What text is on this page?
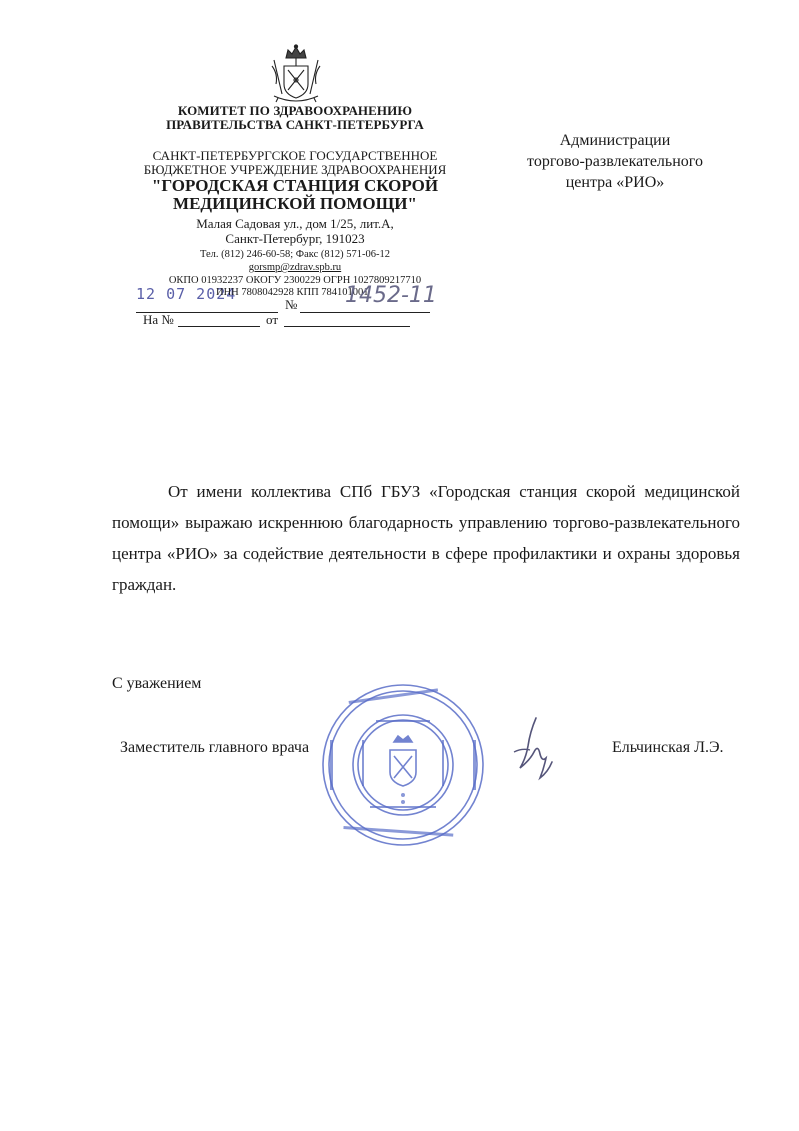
КОМИТЕТ ПО ЗДРАВООХРАНЕНИЮ
ПРАВИТЕЛЬСТВА САНКТ-ПЕТЕРБУРГА
САНКТ-ПЕТЕРБУРГСКОЕ ГОСУДАРСТВЕННОЕ
БЮДЖЕТНОЕ УЧРЕЖДЕНИЕ ЗДРАВООХРАНЕНИЯ
"ГОРОДСКАЯ СТАНЦИЯ СКОРОЙ
МЕДИЦИНСКОЙ ПОМОЩИ"
Малая Садовая ул., дом 1/25, лит.А,
Санкт-Петербург, 191023
Тел. (812) 246-60-58; Факс (812) 571-06-12
gorsmp@zdrav.spb.ru
ОКПО 01932237 ОКОГУ 2300229 ОГРН 1027809217710
12 07 2024
ИНН 7808042928 КПП 784101001
№ 1452-11
На №	от
Администрации
торгово-развлекательного
центра «РИО»
От имени коллектива СПб ГБУЗ «Городская станция скорой медицинской помощи» выражаю искреннюю благодарность управлению торгово-развлекательного центра «РИО» за содействие деятельности в сфере профилактики и охраны здоровья граждан.
С уважением
Заместитель главного врача	Ельчинская Л.Э.
